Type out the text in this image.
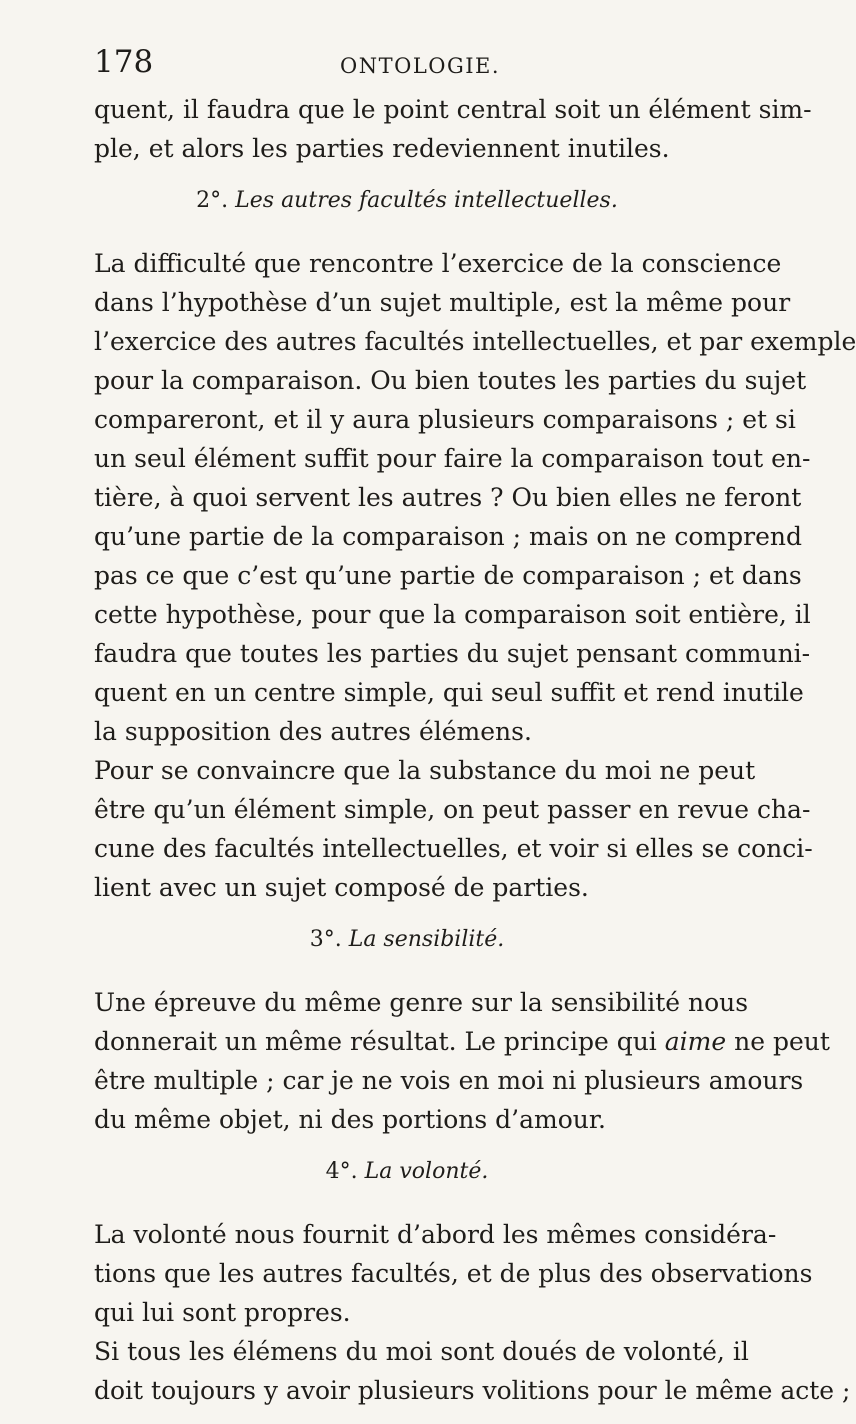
178	ONTOLOGIE.
quent, il faudra que le point central soit un élément sim-
ple, et alors les parties redeviennent inutiles.
2°. Les autres facultés intellectuelles.
La difficulté que rencontre l’exercice de la conscience
dans l’hypothèse d’un sujet multiple, est la même pour
l’exercice des autres facultés intellectuelles, et par exemple
pour la comparaison. Ou bien toutes les parties du sujet
compareront, et il y aura plusieurs comparaisons ; et si
un seul élément suffit pour faire la comparaison tout en-
tière, à quoi servent les autres ? Ou bien elles ne feront
qu’une partie de la comparaison ; mais on ne comprend
pas ce que c’est qu’une partie de comparaison ; et dans
cette hypothèse, pour que la comparaison soit entière, il
faudra que toutes les parties du sujet pensant communi-
quent en un centre simple, qui seul suffit et rend inutile
la supposition des autres élémens.
Pour se convaincre que la substance du moi ne peut
être qu’un élément simple, on peut passer en revue cha-
cune des facultés intellectuelles, et voir si elles se conci-
lient avec un sujet composé de parties.
3°. La sensibilité.
Une épreuve du même genre sur la sensibilité nous
donnerait un même résultat. Le principe qui aime ne peut
être multiple ; car je ne vois en moi ni plusieurs amours
du même objet, ni des portions d’amour.
4°. La volonté.
La volonté nous fournit d’abord les mêmes considéra-
tions que les autres facultés, et de plus des observations
qui lui sont propres.
Si tous les élémens du moi sont doués de volonté, il
doit toujours y avoir plusieurs volitions pour le même acte ;
